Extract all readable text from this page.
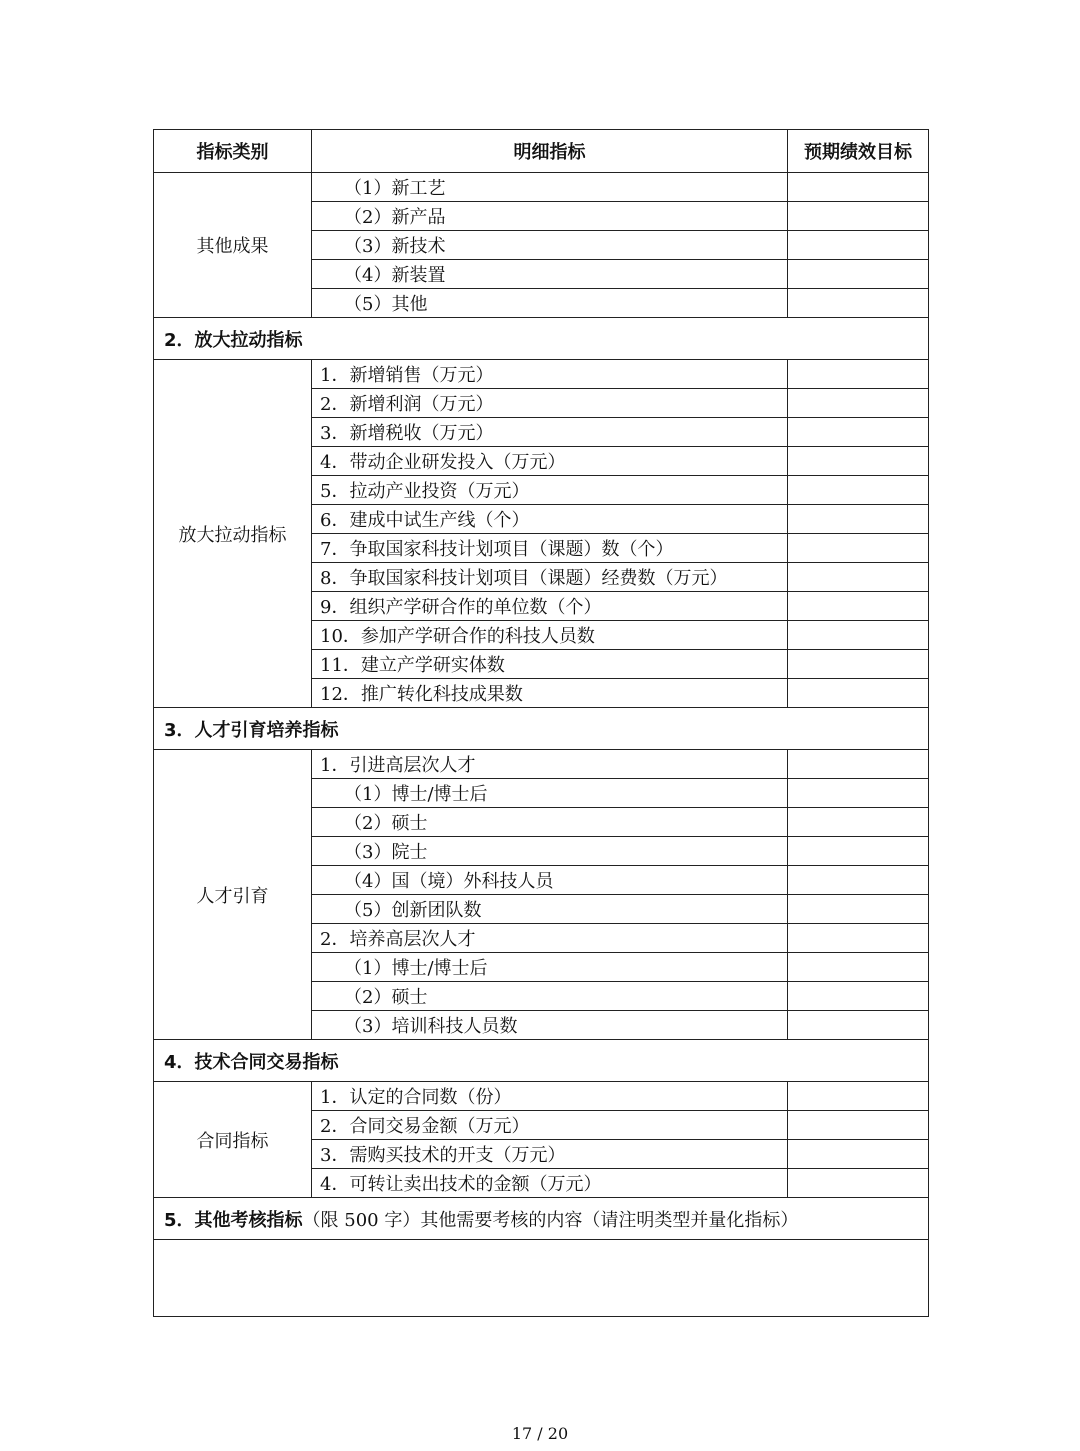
指标类别	明细指标	预期绩效目标
其他成果	（1）新工艺	
	（2）新产品	
	（3）新技术	
	（4）新装置	
	（5）其他	
2．放大拉动指标		
放大拉动指标	1．新增销售（万元）	
	2．新增利润（万元）	
	3．新增税收（万元）	
	4．带动企业研发投入（万元）	
	5．拉动产业投资（万元）	
	6．建成中试生产线（个）	
	7．争取国家科技计划项目（课题）数（个）	
	8．争取国家科技计划项目（课题）经费数（万元）	
	9．组织产学研合作的单位数（个）	
	10．参加产学研合作的科技人员数	
	11．建立产学研实体数	
	12．推广转化科技成果数	
3．人才引育培养指标		
人才引育	1．引进高层次人才	
	（1）博士/博士后	
	（2）硕士	
	（3）院士	
	（4）国（境）外科技人员	
	（5）创新团队数	
	2．培养高层次人才	
	（1）博士/博士后	
	（2）硕士	
	（3）培训科技人员数	
4．技术合同交易指标		
合同指标	1．认定的合同数（份）	
	2．合同交易金额（万元）	
	3．需购买技术的开支（万元）	
	4．可转让卖出技术的金额（万元）	
5．其他考核指标（限 500 字）其他需要考核的内容（请注明类型并量化指标）		

17 / 20
